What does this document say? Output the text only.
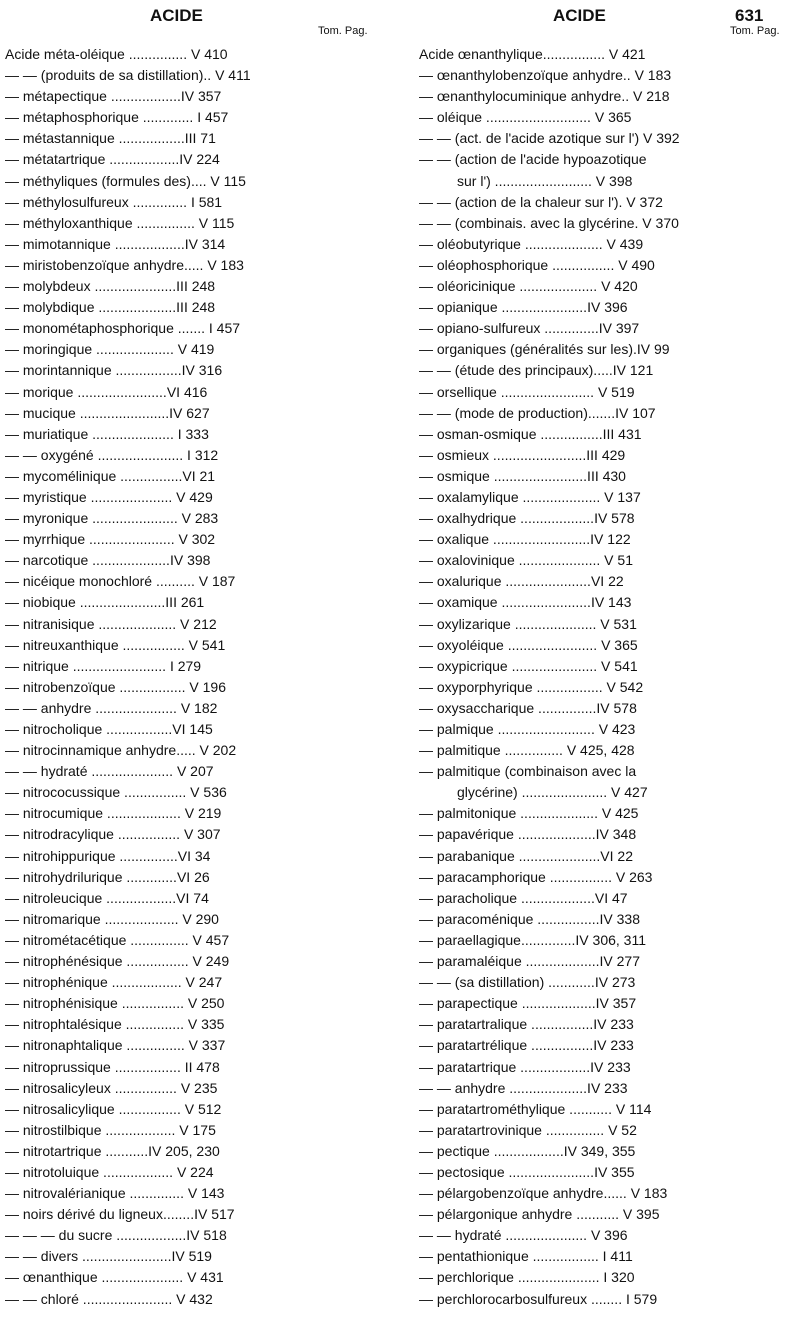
ACIDE	ACIDE	631
Tom. Pag.	Tom. Pag.
Acide méta-oléique ............... V 410
— — (produits de sa distillation).. V 411
— métapectique ..................IV 357
— métaphosphorique ............. I 457
— métastannique .................III 71
— métatartrique ..................IV 224
— méthyliques (formules des).... V 115
— méthylosulfureux .............. I 581
— méthyloxanthique ............... V 115
— mimotannique ..................IV 314
— miristobenzoïque anhydre..... V 183
— molybdeux .....................III 248
— molybdique ....................III 248
— monométaphosphorique ....... I 457
— moringique .................... V 419
— morintannique .................IV 316
— morique .......................VI 416
— mucique .......................IV 627
— muriatique ..................... I 333
— — oxygéné ...................... I 312
— mycomélinique ................VI 21
— myristique ..................... V 429
— myronique ...................... V 283
— myrrhique ...................... V 302
— narcotique ....................IV 398
— nicéique monochloré .......... V 187
— niobique ......................III 261
— nitranisique .................... V 212
— nitreuxanthique ................ V 541
— nitrique ........................ I 279
— nitrobenzoïque ................. V 196
— — anhydre ..................... V 182
— nitrocholique .................VI 145
— nitrocinnamique anhydre..... V 202
— — hydraté ..................... V 207
— nitrococussique ................ V 536
— nitrocumique ................... V 219
— nitrodracylique ................ V 307
— nitrohippurique ...............VI 34
— nitrohydrilurique .............VI 26
— nitroleucique ..................VI 74
— nitromarique ................... V 290
— nitrométacétique ............... V 457
— nitrophénésique ................ V 249
— nitrophénique .................. V 247
— nitrophénisique ................ V 250
— nitrophtalésique ............... V 335
— nitronaphtalique ............... V 337
— nitroprussique ................. II 478
— nitrosalicyleux ................ V 235
— nitrosalicylique ................ V 512
— nitrostilbique .................. V 175
— nitrotartrique ...........IV 205, 230
— nitrotoluique .................. V 224
— nitrovalérianique .............. V 143
— noirs dérivé du ligneux........IV 517
— — — du sucre ..................IV 518
— — divers .......................IV 519
— œnanthique ..................... V 431
— — chloré ....................... V 432
Acide œnanthylique................ V 421
— œnanthylobenzoïque anhydre.. V 183
— œnanthylocuminique anhydre.. V 218
— oléique ........................... V 365
— — (act. de l'acide azotique sur l') V 392
— — (action de l'acide hypoazotique
sur l') ......................... V 398
— — (action de la chaleur sur l'). V 372
— — (combinais. avec la glycérine. V 370
— oléobutyrique .................... V 439
— oléophosphorique ................ V 490
— oléoricinique .................... V 420
— opianique ......................IV 396
— opiano-sulfureux ..............IV 397
— organiques (généralités sur les).IV 99
— — (étude des principaux).....IV 121
— orsellique ........................ V 519
— — (mode de production).......IV 107
— osman-osmique ................III 431
— osmieux ........................III 429
— osmique ........................III 430
— oxalamylique .................... V 137
— oxalhydrique ...................IV 578
— oxalique .........................IV 122
— oxalovinique ..................... V 51
— oxalurique ......................VI 22
— oxamique .......................IV 143
— oxylizarique ..................... V 531
— oxyoléique ....................... V 365
— oxypicrique ...................... V 541
— oxyporphyrique ................. V 542
— oxysaccharique ...............IV 578
— palmique ......................... V 423
— palmitique ............... V 425, 428
— palmitique (combinaison avec la
glycérine) ...................... V 427
— palmitonique .................... V 425
— papavérique ....................IV 348
— parabanique .....................VI 22
— paracamphorique ................ V 263
— paracholique ...................VI 47
— paracoménique ................IV 338
— paraellagique..............IV 306, 311
— paramaléique ...................IV 277
— — (sa distillation) ............IV 273
— parapectique ...................IV 357
— paratartralique ................IV 233
— paratartrélique ................IV 233
— paratartrique ..................IV 233
— — anhydre ....................IV 233
— paratartrométhylique ........... V 114
— paratartrovinique ............... V 52
— pectique ..................IV 349, 355
— pectosique ......................IV 355
— pélargobenzoïque anhydre...... V 183
— pélargonique anhydre ........... V 395
— — hydraté ..................... V 396
— pentathionique ................. I 411
— perchlorique ..................... I 320
— perchlorocarbosulfureux ........ I 579
